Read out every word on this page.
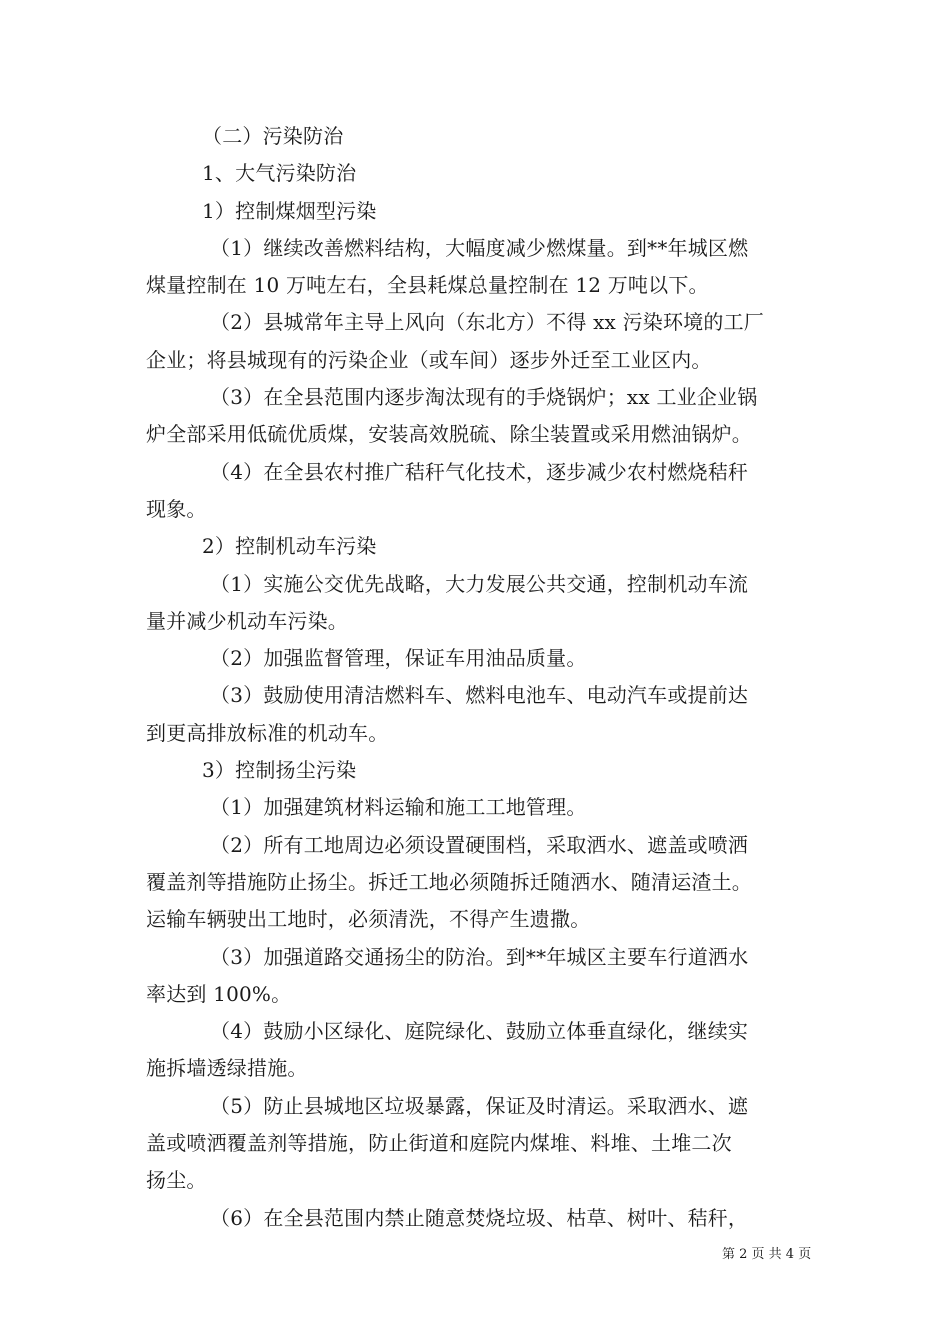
（二）污染防治
1、大气污染防治
1）控制煤烟型污染
（1）继续改善燃料结构，大幅度减少燃煤量。到**年城区燃
煤量控制在 10 万吨左右，全县耗煤总量控制在 12 万吨以下。
（2）县城常年主导上风向（东北方）不得 xx 污染环境的工厂
企业；将县城现有的污染企业（或车间）逐步外迁至工业区内。
（3）在全县范围内逐步淘汰现有的手烧锅炉；xx 工业企业锅
炉全部采用低硫优质煤，安装高效脱硫、除尘装置或采用燃油锅炉。
（4）在全县农村推广秸秆气化技术，逐步减少农村燃烧秸秆
现象。
2）控制机动车污染
（1）实施公交优先战略，大力发展公共交通，控制机动车流
量并减少机动车污染。
（2）加强监督管理，保证车用油品质量。
（3）鼓励使用清洁燃料车、燃料电池车、电动汽车或提前达
到更高排放标准的机动车。
3）控制扬尘污染
（1）加强建筑材料运输和施工工地管理。
（2）所有工地周边必须设置硬围档，采取洒水、遮盖或喷洒
覆盖剂等措施防止扬尘。拆迁工地必须随拆迁随洒水、随清运渣土。
运输车辆驶出工地时，必须清洗，不得产生遗撒。
（3）加强道路交通扬尘的防治。到**年城区主要车行道洒水
率达到 100%。
（4）鼓励小区绿化、庭院绿化、鼓励立体垂直绿化，继续实
施拆墙透绿措施。
（5）防止县城地区垃圾暴露，保证及时清运。采取洒水、遮
盖或喷洒覆盖剂等措施，防止街道和庭院内煤堆、料堆、土堆二次
扬尘。
（6）在全县范围内禁止随意焚烧垃圾、枯草、树叶、秸秆，
第 2 页 共 4 页
